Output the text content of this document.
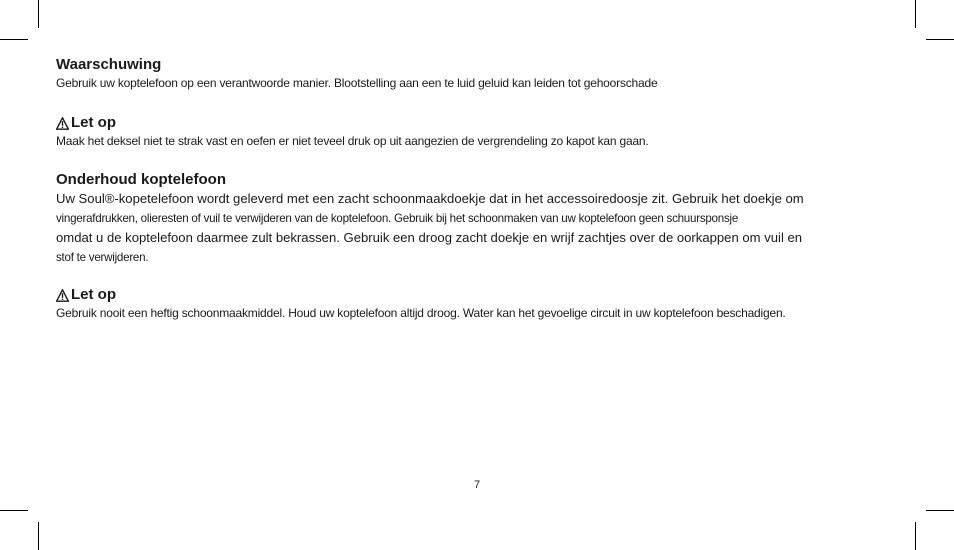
Waarschuwing

Gebruik uw koptelefoon op een verantwoorde manier. Blootstelling aan een te luid geluid kan leiden tot gehoorschade

Let op

Maak het deksel niet te strak vast en oefen er niet teveel druk op uit aangezien de vergrendeling zo kapot kan gaan.

Onderhoud koptelefoon

Uw Soul®-kopetelefoon wordt geleverd met een zacht schoonmaakdoekje dat in het accessoiredoosje zit. Gebruik het doekje om
vingerafdrukken, olieresten of vuil te verwijderen van de koptelefoon. Gebruik bij het schoonmaken van uw koptelefoon geen schuursponsje
omdat u de koptelefoon daarmee zult bekrassen. Gebruik een droog zacht doekje en wrijf zachtjes over de oorkappen om vuil en
stof te verwijderen.

Let op

Gebruik nooit een heftig schoonmaakmiddel. Houd uw koptelefoon altijd droog. Water kan het gevoelige circuit in uw koptelefoon beschadigen.

7
